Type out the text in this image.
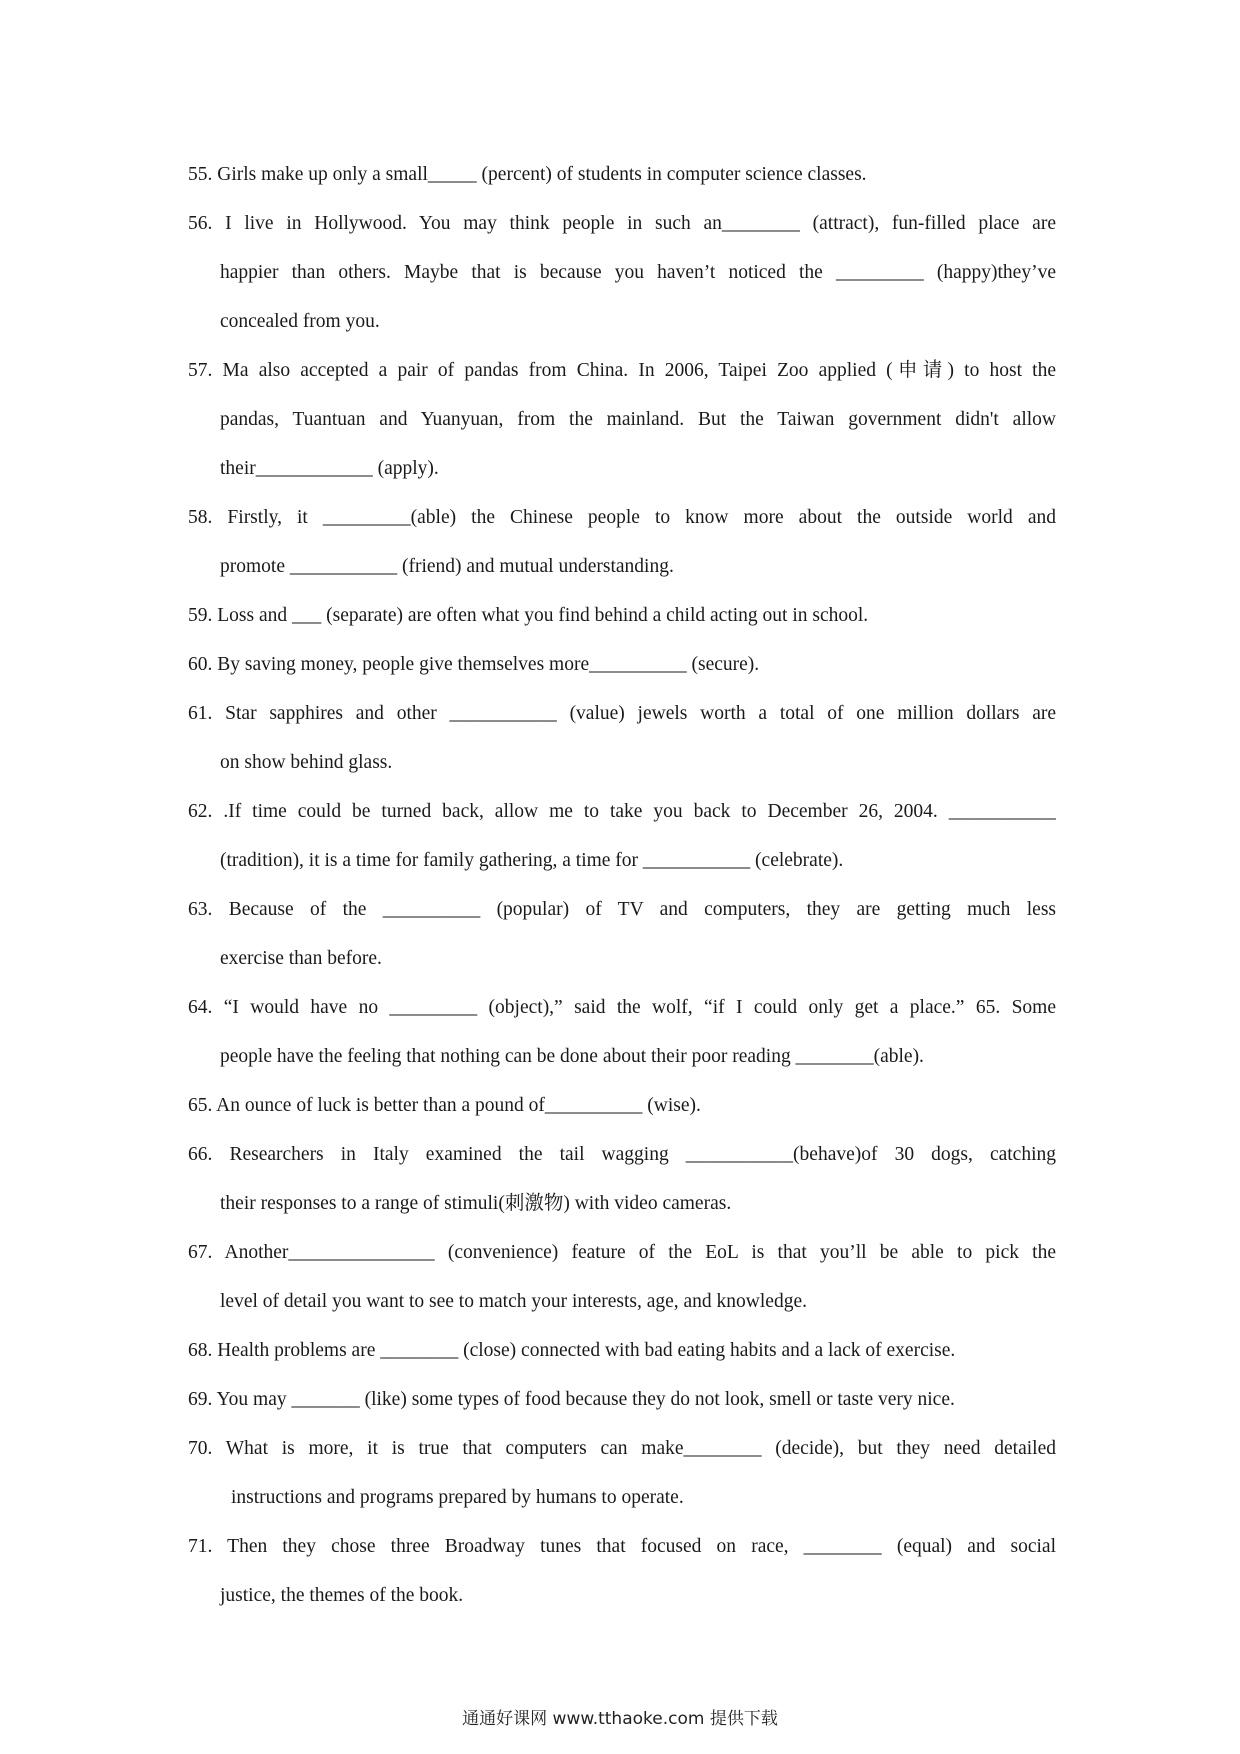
55. Girls make up only a small_____ (percent) of students in computer science classes.
56. I live in Hollywood. You may think people in such an________ (attract), fun-filled place are
happier than others. Maybe that is because you haven’t noticed the _________ (happy)they’ve
concealed from you.
57. Ma also accepted a pair of pandas from China. In 2006, Taipei Zoo applied (申请) to host the
pandas, Tuantuan and Yuanyuan, from the mainland. But the Taiwan government didn't allow
their____________ (apply).
58. Firstly, it _________(able) the Chinese people to know more about the outside world and
promote ___________ (friend) and mutual understanding.
59. Loss and ___ (separate) are often what you find behind a child acting out in school.
60. By saving money, people give themselves more__________ (secure).
61. Star sapphires and other ___________ (value) jewels worth a total of one million dollars are
on show behind glass.
62. .If time could be turned back, allow me to take you back to December 26, 2004. ___________
(tradition), it is a time for family gathering, a time for ___________ (celebrate).
63. Because of the __________ (popular) of TV and computers, they are getting much less
exercise than before.
64. “I would have no _________ (object),” said the wolf, “if I could only get a place.” 65. Some
people have the feeling that nothing can be done about their poor reading ________(able).
65. An ounce of luck is better than a pound of__________ (wise).
66. Researchers in Italy examined the tail wagging ___________(behave)of 30 dogs, catching
their responses to a range of stimuli(刺激物) with video cameras.
67. Another_______________ (convenience) feature of the EoL is that you’ll be able to pick the
level of detail you want to see to match your interests, age, and knowledge.
68. Health problems are ________ (close) connected with bad eating habits and a lack of exercise.
69. You may _______ (like) some types of food because they do not look, smell or taste very nice.
70. What is more, it is true that computers can make________ (decide), but they need detailed
instructions and programs prepared by humans to operate.
71. Then they chose three Broadway tunes that focused on race, ________ (equal) and social
justice, the themes of the book.
通通好课网 www.tthaoke.com 提供下载
